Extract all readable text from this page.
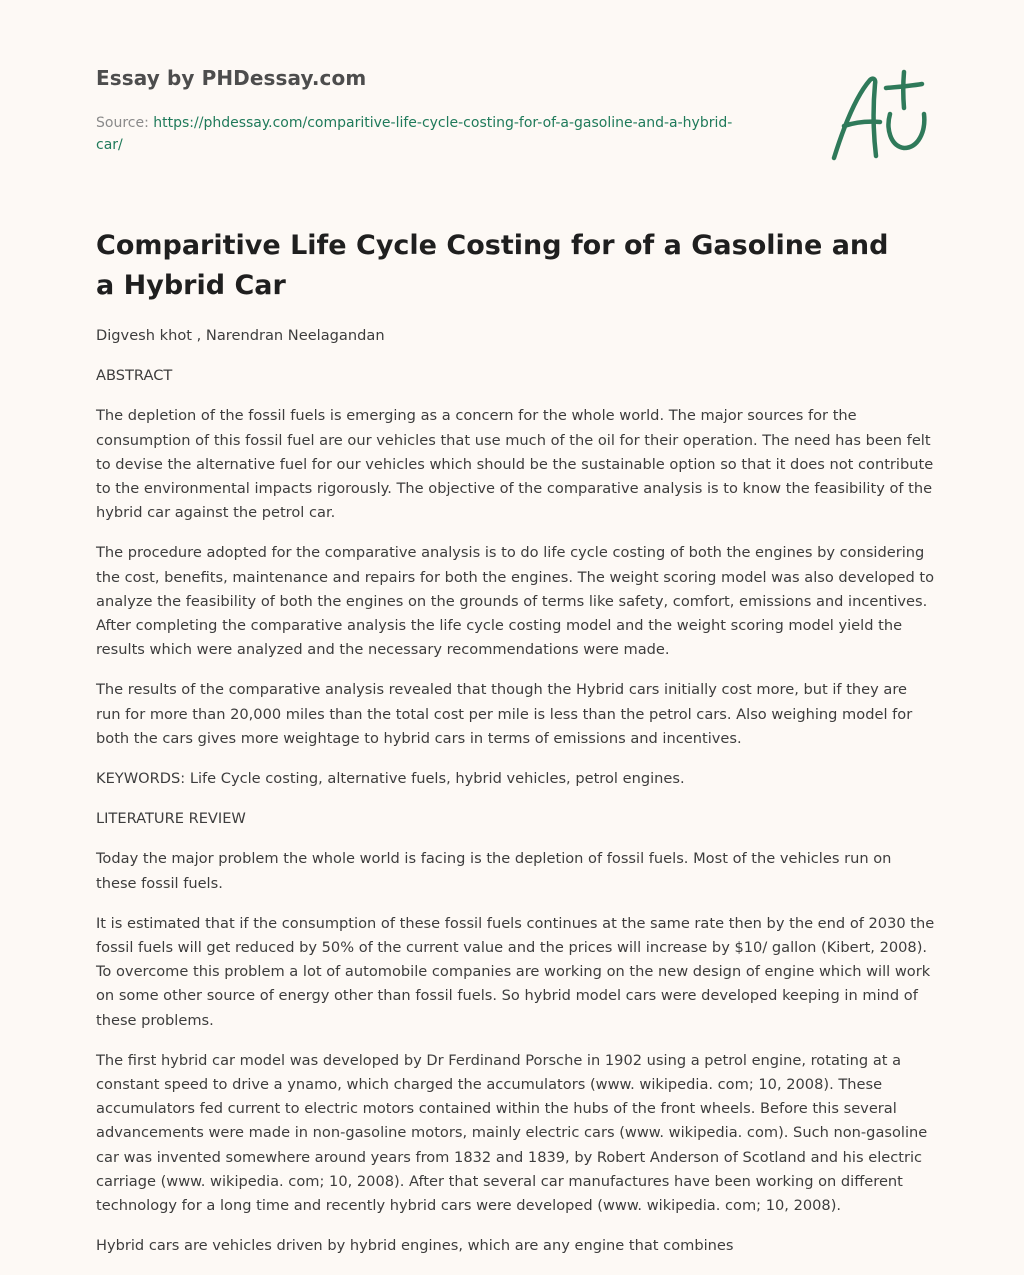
Essay by PHDessay.com
Source: https://phdessay.com/comparitive-life-cycle-costing-for-of-a-gasoline-and-a-hybrid-car/
Comparitive Life Cycle Costing for of a Gasoline and a Hybrid Car

Digvesh khot , Narendran Neelagandan

ABSTRACT

The depletion of the fossil fuels is emerging as a concern for the whole world. The major sources for the consumption of this fossil fuel are our vehicles that use much of the oil for their operation. The need has been felt to devise the alternative fuel for our vehicles which should be the sustainable option so that it does not contribute to the environmental impacts rigorously. The objective of the comparative analysis is to know the feasibility of the hybrid car against the petrol car.

The procedure adopted for the comparative analysis is to do life cycle costing of both the engines by considering the cost, benefits, maintenance and repairs for both the engines. The weight scoring model was also developed to analyze the feasibility of both the engines on the grounds of terms like safety, comfort, emissions and incentives. After completing the comparative analysis the life cycle costing model and the weight scoring model yield the results which were analyzed and the necessary recommendations were made.

The results of the comparative analysis revealed that though the Hybrid cars initially cost more, but if they are run for more than 20,000 miles than the total cost per mile is less than the petrol cars. Also weighing model for both the cars gives more weightage to hybrid cars in terms of emissions and incentives.

KEYWORDS: Life Cycle costing, alternative fuels, hybrid vehicles, petrol engines.

LITERATURE REVIEW

Today the major problem the whole world is facing is the depletion of fossil fuels. Most of the vehicles run on these fossil fuels.

It is estimated that if the consumption of these fossil fuels continues at the same rate then by the end of 2030 the fossil fuels will get reduced by 50% of the current value and the prices will increase by $10/ gallon (Kibert, 2008). To overcome this problem a lot of automobile companies are working on the new design of engine which will work on some other source of energy other than fossil fuels. So hybrid model cars were developed keeping in mind of these problems.

The first hybrid car model was developed by Dr Ferdinand Porsche in 1902 using a petrol engine, rotating at a constant speed to drive a ynamo, which charged the accumulators (www. wikipedia. com; 10, 2008). These accumulators fed current to electric motors contained within the hubs of the front wheels. Before this several advancements were made in non-gasoline motors, mainly electric cars (www. wikipedia. com). Such non-gasoline car was invented somewhere around years from 1832 and 1839, by Robert Anderson of Scotland and his electric carriage (www. wikipedia. com; 10, 2008). After that several car manufactures have been working on different technology for a long time and recently hybrid cars were developed (www. wikipedia. com; 10, 2008).

Hybrid cars are vehicles driven by hybrid engines, which are any engine that combines
